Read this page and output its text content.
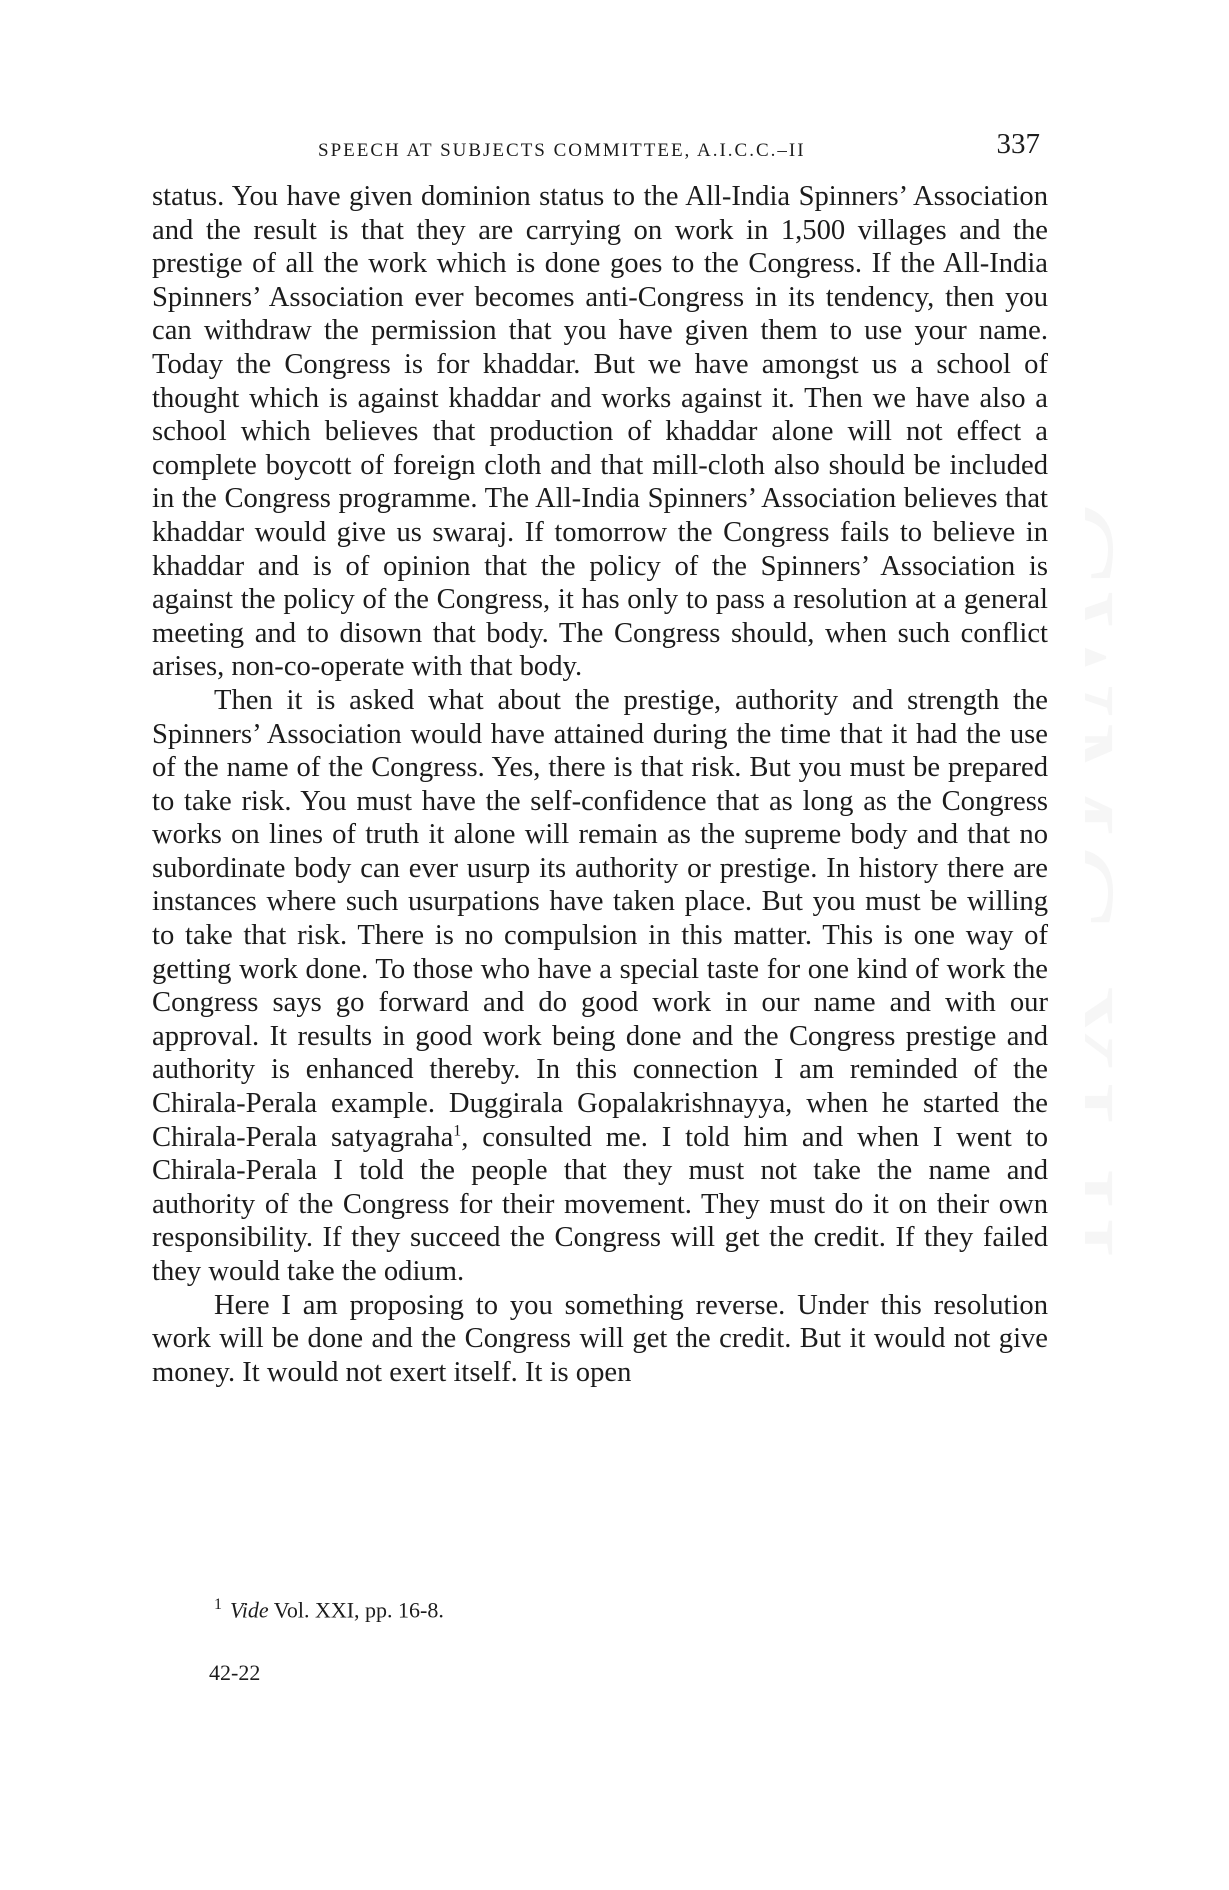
SPEECH AT SUBJECTS COMMITTEE, A.I.C.C.–II	337

status. You have given dominion status to the All-India Spinners’ Association and the result is that they are carrying on work in 1,500 villages and the prestige of all the work which is done goes to the Congress. If the All-India Spinners’ Association ever becomes anti-Congress in its tendency, then you can withdraw the permission that you have given them to use your name. Today the Congress is for khaddar. But we have amongst us a school of thought which is against khaddar and works against it. Then we have also a school which believes that production of khaddar alone will not effect a complete boycott of foreign cloth and that mill-cloth also should be included in the Congress programme. The All-India Spinners’ Association believes that khaddar would give us swaraj. If tomorrow the Congress fails to believe in khaddar and is of opinion that the policy of the Spinners’ Association is against the policy of the Congress, it has only to pass a resolution at a general meeting and to disown that body. The Congress should, when such conflict arises, non-co-operate with that body.

Then it is asked what about the prestige, authority and strength the Spinners’ Association would have attained during the time that it had the use of the name of the Congress. Yes, there is that risk. But you must be prepared to take risk. You must have the self-confidence that as long as the Congress works on lines of truth it alone will remain as the supreme body and that no subordinate body can ever usurp its authority or prestige. In history there are instances where such usurpations have taken place. But you must be willing to take that risk. There is no compulsion in this matter. This is one way of getting work done. To those who have a special taste for one kind of work the Congress says go forward and do good work in our name and with our approval. It results in good work being done and the Congress prestige and authority is enhanced thereby. In this connection I am reminded of the Chirala-Perala example. Duggirala Gopalakrishnayya, when he started the Chirala-Perala satyagraha$^1$, consulted me. I told him and when I went to Chirala-Perala I told the people that they must not take the name and authority of the Congress for their movement. They must do it on their own responsibility. If they succeed the Congress will get the credit. If they failed they would take the odium.

Here I am proposing to you something reverse. Under this resolution work will be done and the Congress will get the credit. But it would not give money. It would not exert itself. It is open

$^1$ Vide Vol. XXI, pp. 16-8.
42-22
